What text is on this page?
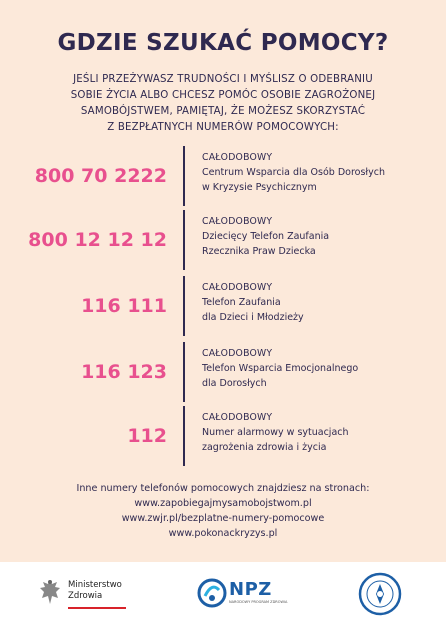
GDZIE SZUKAĆ POMOCY?
JEŚLI PRZEŻYWASZ TRUDNOŚCI I MYŚLISZ O ODEBRANIU
SOBIE ŻYCIA ALBO CHCESZ POMÓC OSOBIE ZAGROŻONEJ
SAMOBÓJSTWEM, PAMIĘTAJ, ŻE MOŻESZ SKORZYSTAĆ
Z BEZPŁATNYCH NUMERÓW POMOCOWYCH:
800 70 2222
CAŁODOBOWY
Centrum Wsparcia dla Osób Dorosłych
w Kryzysie Psychicznym
800 12 12 12
CAŁODOBOWY
Dziecięcy Telefon Zaufania
Rzecznika Praw Dziecka
116 111
CAŁODOBOWY
Telefon Zaufania
dla Dzieci i Młodzieży
116 123
CAŁODOBOWY
Telefon Wsparcia Emocjonalnego
dla Dorosłych
112
CAŁODOBOWY
Numer alarmowy w sytuacjach
zagrożenia zdrowia i życia
Inne numery telefonów pomocowych znajdziesz na stronach:
www.zapobiegajmysamobojstwom.pl
www.zwjr.pl/bezplatne-numery-pomocowe
www.pokonackryzys.pl
Ministerstwo
Zdrowia	NPZ
NARODOWY PROGRAM ZDROWIA
